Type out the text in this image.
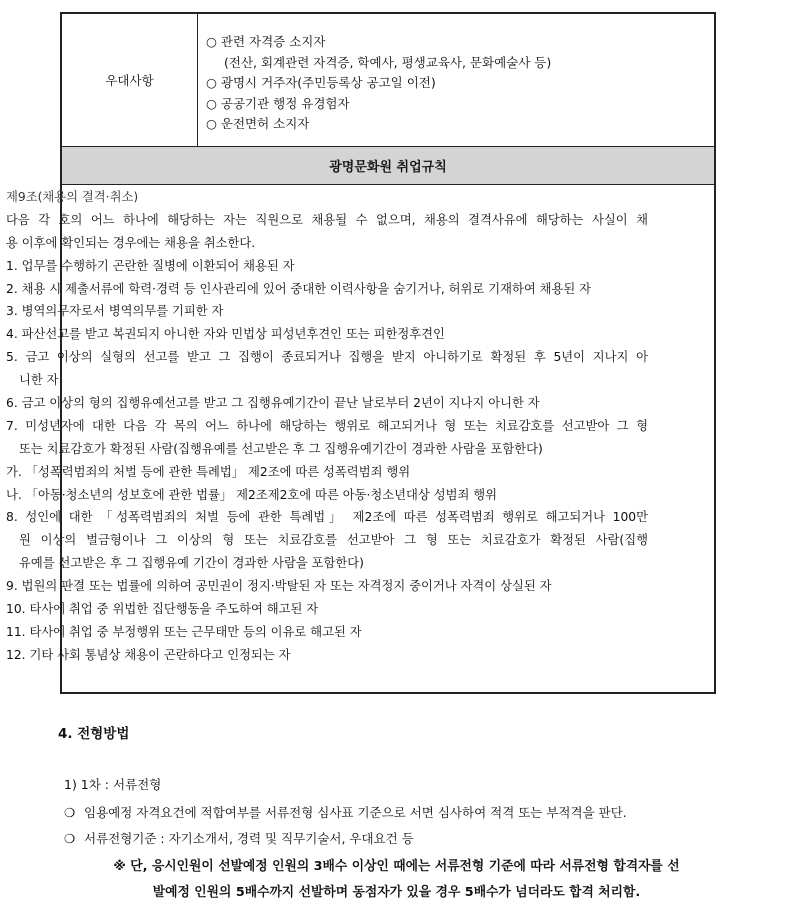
우대사항
○ 관련 자격증 소지자
(전산, 회계관련 자격증, 학예사, 평생교육사, 문화예술사 등)
○ 광명시 거주자(주민등록상 공고일 이전)
○ 공공기관 행정 유경험자
○ 운전면허 소지자
광명문화원 취업규칙
제9조(채용의 결격·취소)
다음 각 호의 어느 하나에 해당하는 자는 직원으로 채용될 수 없으며, 채용의 결격사유에 해당하는 사실이 채
용 이후에 확인되는 경우에는 채용을 취소한다.
1. 업무를 수행하기 곤란한 질병에 이환되어 채용된 자
2. 채용 시 제출서류에 학력·경력 등 인사관리에 있어 중대한 이력사항을 숨기거나, 허위로 기재하여 채용된 자
3. 병역의무자로서 병역의무를 기피한 자
4. 파산선고를 받고 복권되지 아니한 자와 민법상 피성년후견인 또는 피한정후견인
5. 금고 이상의 실형의 선고를 받고 그 집행이 종료되거나 집행을 받지 아니하기로 확정된 후 5년이 지나지 아
니한 자
6. 금고 이상의 형의 집행유예선고를 받고 그 집행유예기간이 끝난 날로부터 2년이 지나지 아니한 자
7. 미성년자에 대한 다음 각 목의 어느 하나에 해당하는 행위로 해고되거나 형 또는 치료감호를 선고받아 그 형
또는 치료감호가 확정된 사람(집행유예를 선고받은 후 그 집행유예기간이 경과한 사람을 포함한다)
가. 「성폭력범죄의 처벌 등에 관한 특례법」 제2조에 따른 성폭력범죄 행위
나. 「아동·청소년의 성보호에 관한 법률」 제2조제2호에 따른 아동·청소년대상 성범죄 행위
8. 성인에 대한 「성폭력범죄의 처벌 등에 관한 특례법」 제2조에 따른 성폭력범죄 행위로 해고되거나 100만
원 이상의 벌금형이나 그 이상의 형 또는 치료감호를 선고받아 그 형 또는 치료감호가 확정된 사람(집행
유예를 선고받은 후 그 집행유예 기간이 경과한 사람을 포함한다)
9. 법원의 판결 또는 법률에 의하여 공민권이 정지·박탈된 자 또는 자격정지 중이거나 자격이 상실된 자
10. 타사에 취업 중 위법한 집단행동을 주도하여 해고된 자
11. 타사에 취업 중 부정행위 또는 근무태만 등의 이유로 해고된 자
12. 기타 사회 통념상 채용이 곤란하다고 인정되는 자
4. 전형방법
1) 1차 : 서류전형
❍ 임용예정 자격요건에 적합여부를 서류전형 심사표 기준으로 서면 심사하여 적격 또는 부적격을 판단.
❍ 서류전형기준 : 자기소개서, 경력 및 직무기술서, 우대요건 등
※ 단, 응시인원이 선발예정 인원의 3배수 이상인 때에는 서류전형 기준에 따라 서류전형 합격자를 선
발예정 인원의 5배수까지 선발하며 동점자가 있을 경우 5배수가 넘더라도 합격 처리함.
